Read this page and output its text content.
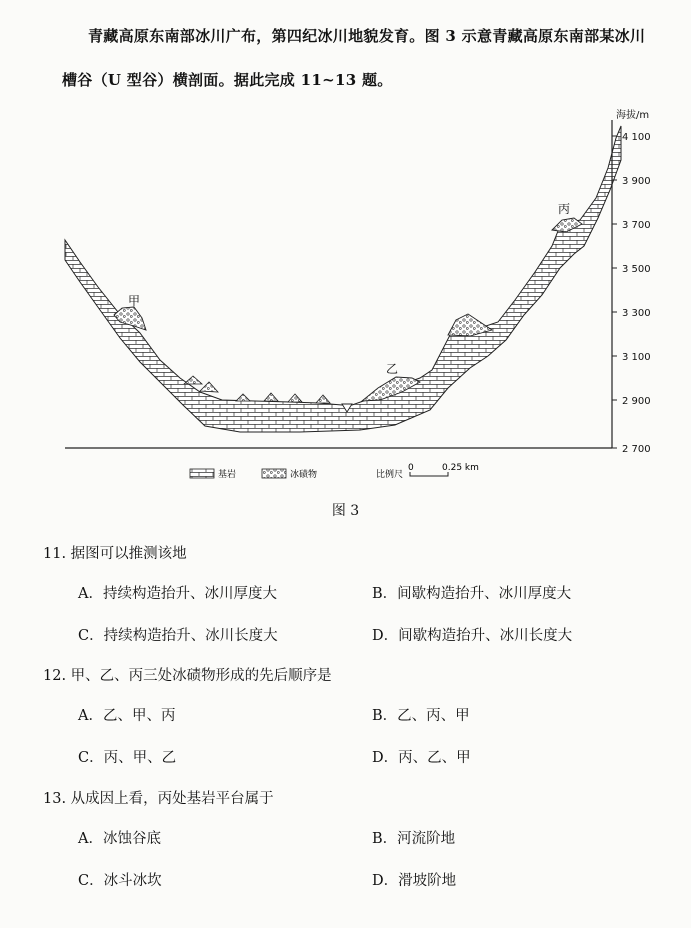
青藏高原东南部冰川广布，第四纪冰川地貌发育。图 3 示意青藏高原东南部某冰川
槽谷（U 型谷）横剖面。据此完成 11~13 题。
海拔/m
4 100
3 900
3 700
3 500
3 300
3 100
2 900
2 700
甲
乙
丙
基岩	冰碛物	比例尺
0	0.25 km
图 3
11. 据图可以推测该地
A．持续构造抬升、冰川厚度大	B．间歇构造抬升、冰川厚度大
C．持续构造抬升、冰川长度大	D．间歇构造抬升、冰川长度大
12. 甲、乙、丙三处冰碛物形成的先后顺序是
A．乙、甲、丙	B．乙、丙、甲
C．丙、甲、乙	D．丙、乙、甲
13. 从成因上看，丙处基岩平台属于
A．冰蚀谷底	B．河流阶地
C．冰斗冰坎	D．滑坡阶地
